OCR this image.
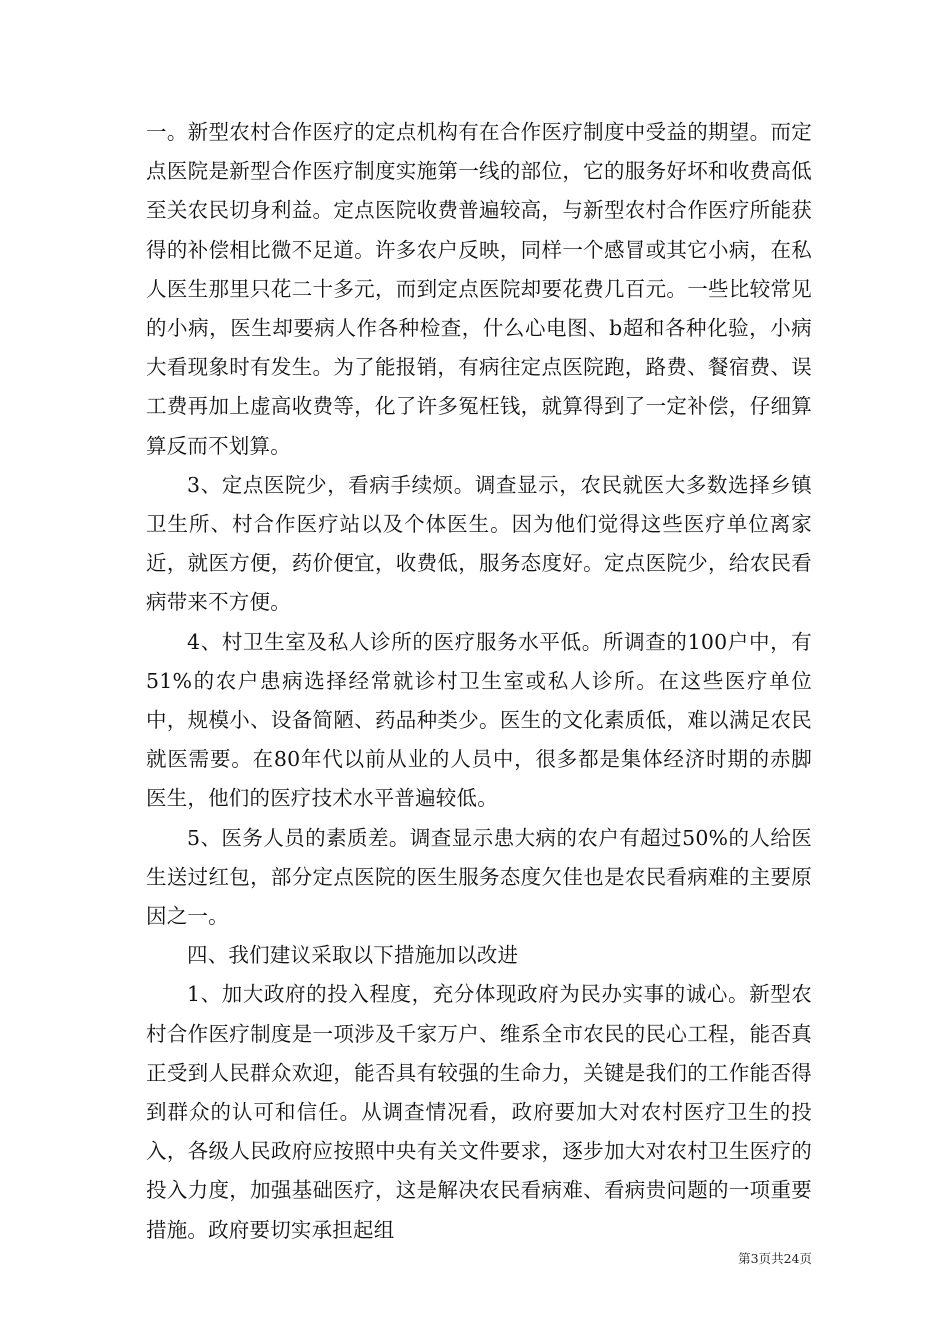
一。新型农村合作医疗的定点机构有在合作医疗制度中受益的期望。而定点医院是新型合作医疗制度实施第一线的部位，它的服务好坏和收费高低至关农民切身利益。定点医院收费普遍较高，与新型农村合作医疗所能获得的补偿相比微不足道。许多农户反映，同样一个感冒或其它小病，在私人医生那里只花二十多元，而到定点医院却要花费几百元。一些比较常见的小病，医生却要病人作各种检查，什么心电图、b超和各种化验，小病大看现象时有发生。为了能报销，有病往定点医院跑，路费、餐宿费、误工费再加上虚高收费等，化了许多冤枉钱，就算得到了一定补偿，仔细算算反而不划算。

3、定点医院少，看病手续烦。调查显示，农民就医大多数选择乡镇卫生所、村合作医疗站以及个体医生。因为他们觉得这些医疗单位离家近，就医方便，药价便宜，收费低，服务态度好。定点医院少，给农民看病带来不方便。

4、村卫生室及私人诊所的医疗服务水平低。所调查的100户中，有51%的农户患病选择经常就诊村卫生室或私人诊所。在这些医疗单位中，规模小、设备简陋、药品种类少。医生的文化素质低，难以满足农民就医需要。在80年代以前从业的人员中，很多都是集体经济时期的赤脚医生，他们的医疗技术水平普遍较低。

5、医务人员的素质差。调查显示患大病的农户有超过50%的人给医生送过红包，部分定点医院的医生服务态度欠佳也是农民看病难的主要原因之一。

四、我们建议采取以下措施加以改进

1、加大政府的投入程度，充分体现政府为民办实事的诚心。新型农村合作医疗制度是一项涉及千家万户、维系全市农民的民心工程，能否真正受到人民群众欢迎，能否具有较强的生命力，关键是我们的工作能否得到群众的认可和信任。从调查情况看，政府要加大对农村医疗卫生的投入，各级人民政府应按照中央有关文件要求，逐步加大对农村卫生医疗的投入力度，加强基础医疗，这是解决农民看病难、看病贵问题的一项重要措施。政府要切实承担起组

第3页共24页
